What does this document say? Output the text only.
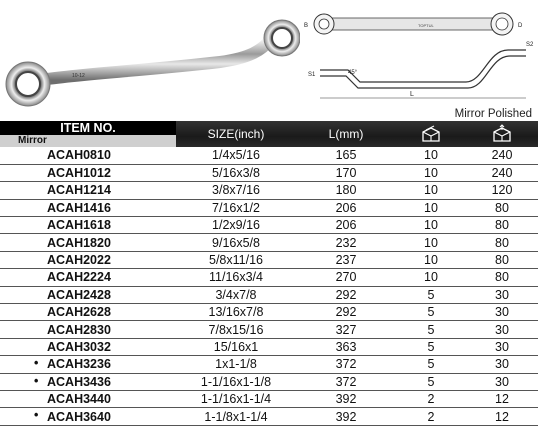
10-12
B	D
TOPTUL
S1
S2
45°
L
Mirror Polished
ITEM NO.
Mirror	SIZE(inch)	L(mm)		
ACAH0810	1/4x5/16	165	10	240
ACAH1012	5/16x3/8	170	10	240
ACAH1214	3/8x7/16	180	10	120
ACAH1416	7/16x1/2	206	10	80
ACAH1618	1/2x9/16	206	10	80
ACAH1820	9/16x5/8	232	10	80
ACAH2022	5/8x11/16	237	10	80
ACAH2224	11/16x3/4	270	10	80
ACAH2428	3/4x7/8	292	5	30
ACAH2628	13/16x7/8	292	5	30
ACAH2830	7/8x15/16	327	5	30
ACAH3032	15/16x1	363	5	30

• ACAH3236	1x1-1/8	372	5	30

• ACAH3436	1-1/16x1-1/8	372	5	30
ACAH3440	1-1/16x1-1/4	392	2	12

• ACAH3640	1-1/8x1-1/4	392	2	12
